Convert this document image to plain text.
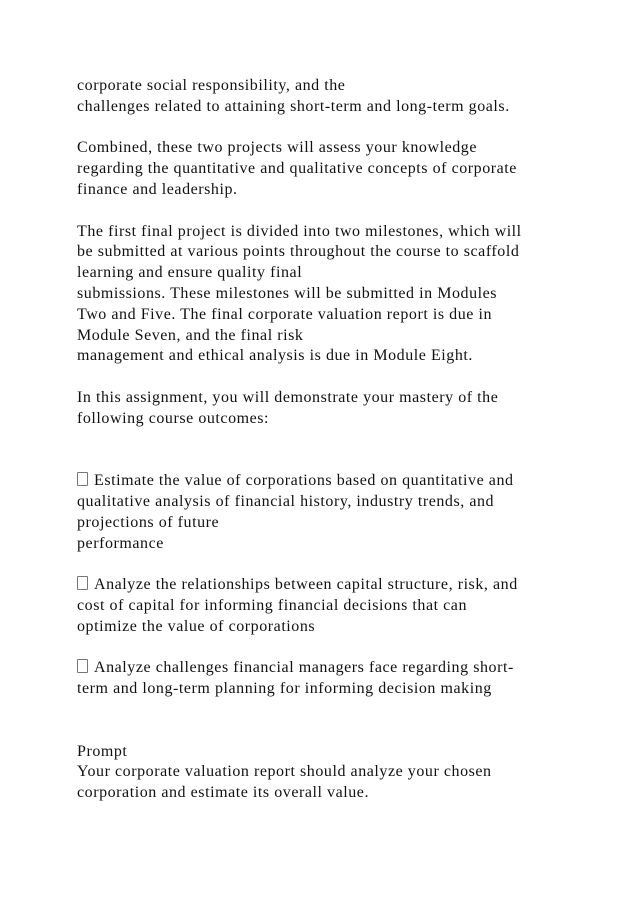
corporate social responsibility, and the
challenges related to attaining short-term and long-term goals.
Combined, these two projects will assess your knowledge
regarding the quantitative and qualitative concepts of corporate
finance and leadership.
The first final project is divided into two milestones, which will
be submitted at various points throughout the course to scaffold
learning and ensure quality final
submissions. These milestones will be submitted in Modules
Two and Five. The final corporate valuation report is due in
Module Seven, and the final risk
management and ethical analysis is due in Module Eight.
In this assignment, you will demonstrate your mastery of the
following course outcomes:
Estimate the value of corporations based on quantitative and
qualitative analysis of financial history, industry trends, and
projections of future
performance
Analyze the relationships between capital structure, risk, and
cost of capital for informing financial decisions that can
optimize the value of corporations
Analyze challenges financial managers face regarding short-
term and long-term planning for informing decision making
Prompt
Your corporate valuation report should analyze your chosen
corporation and estimate its overall value.
